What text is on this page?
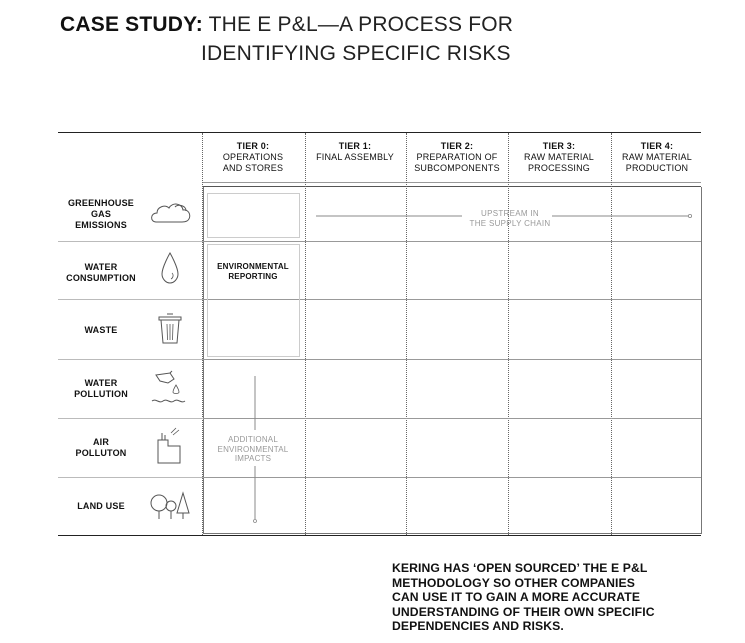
CASE STUDY: THE E P&L—A PROCESS FOR
IDENTIFYING SPECIFIC RISKS
TIER 0:
OPERATIONS
AND STORES
TIER 1:
FINAL ASSEMBLY
TIER 2:
PREPARATION OF
SUBCOMPONENTS
TIER 3:
RAW MATERIAL
PROCESSING
TIER 4:
RAW MATERIAL
PRODUCTION
GREENHOUSE
GAS
EMISSIONS
WATER
CONSUMPTION
WASTE
WATER
POLLUTION
AIR
POLLUTON
LAND USE
ENVIRONMENTAL
REPORTING
ADDITIONAL
ENVIRONMENTAL
IMPACTS
UPSTREAM IN
THE SUPPLY CHAIN
KERING HAS ‘OPEN SOURCED’ THE E P&L
METHODOLOGY SO OTHER COMPANIES
CAN USE IT TO GAIN A MORE ACCURATE
UNDERSTANDING OF THEIR OWN SPECIFIC
DEPENDENCIES AND RISKS.
